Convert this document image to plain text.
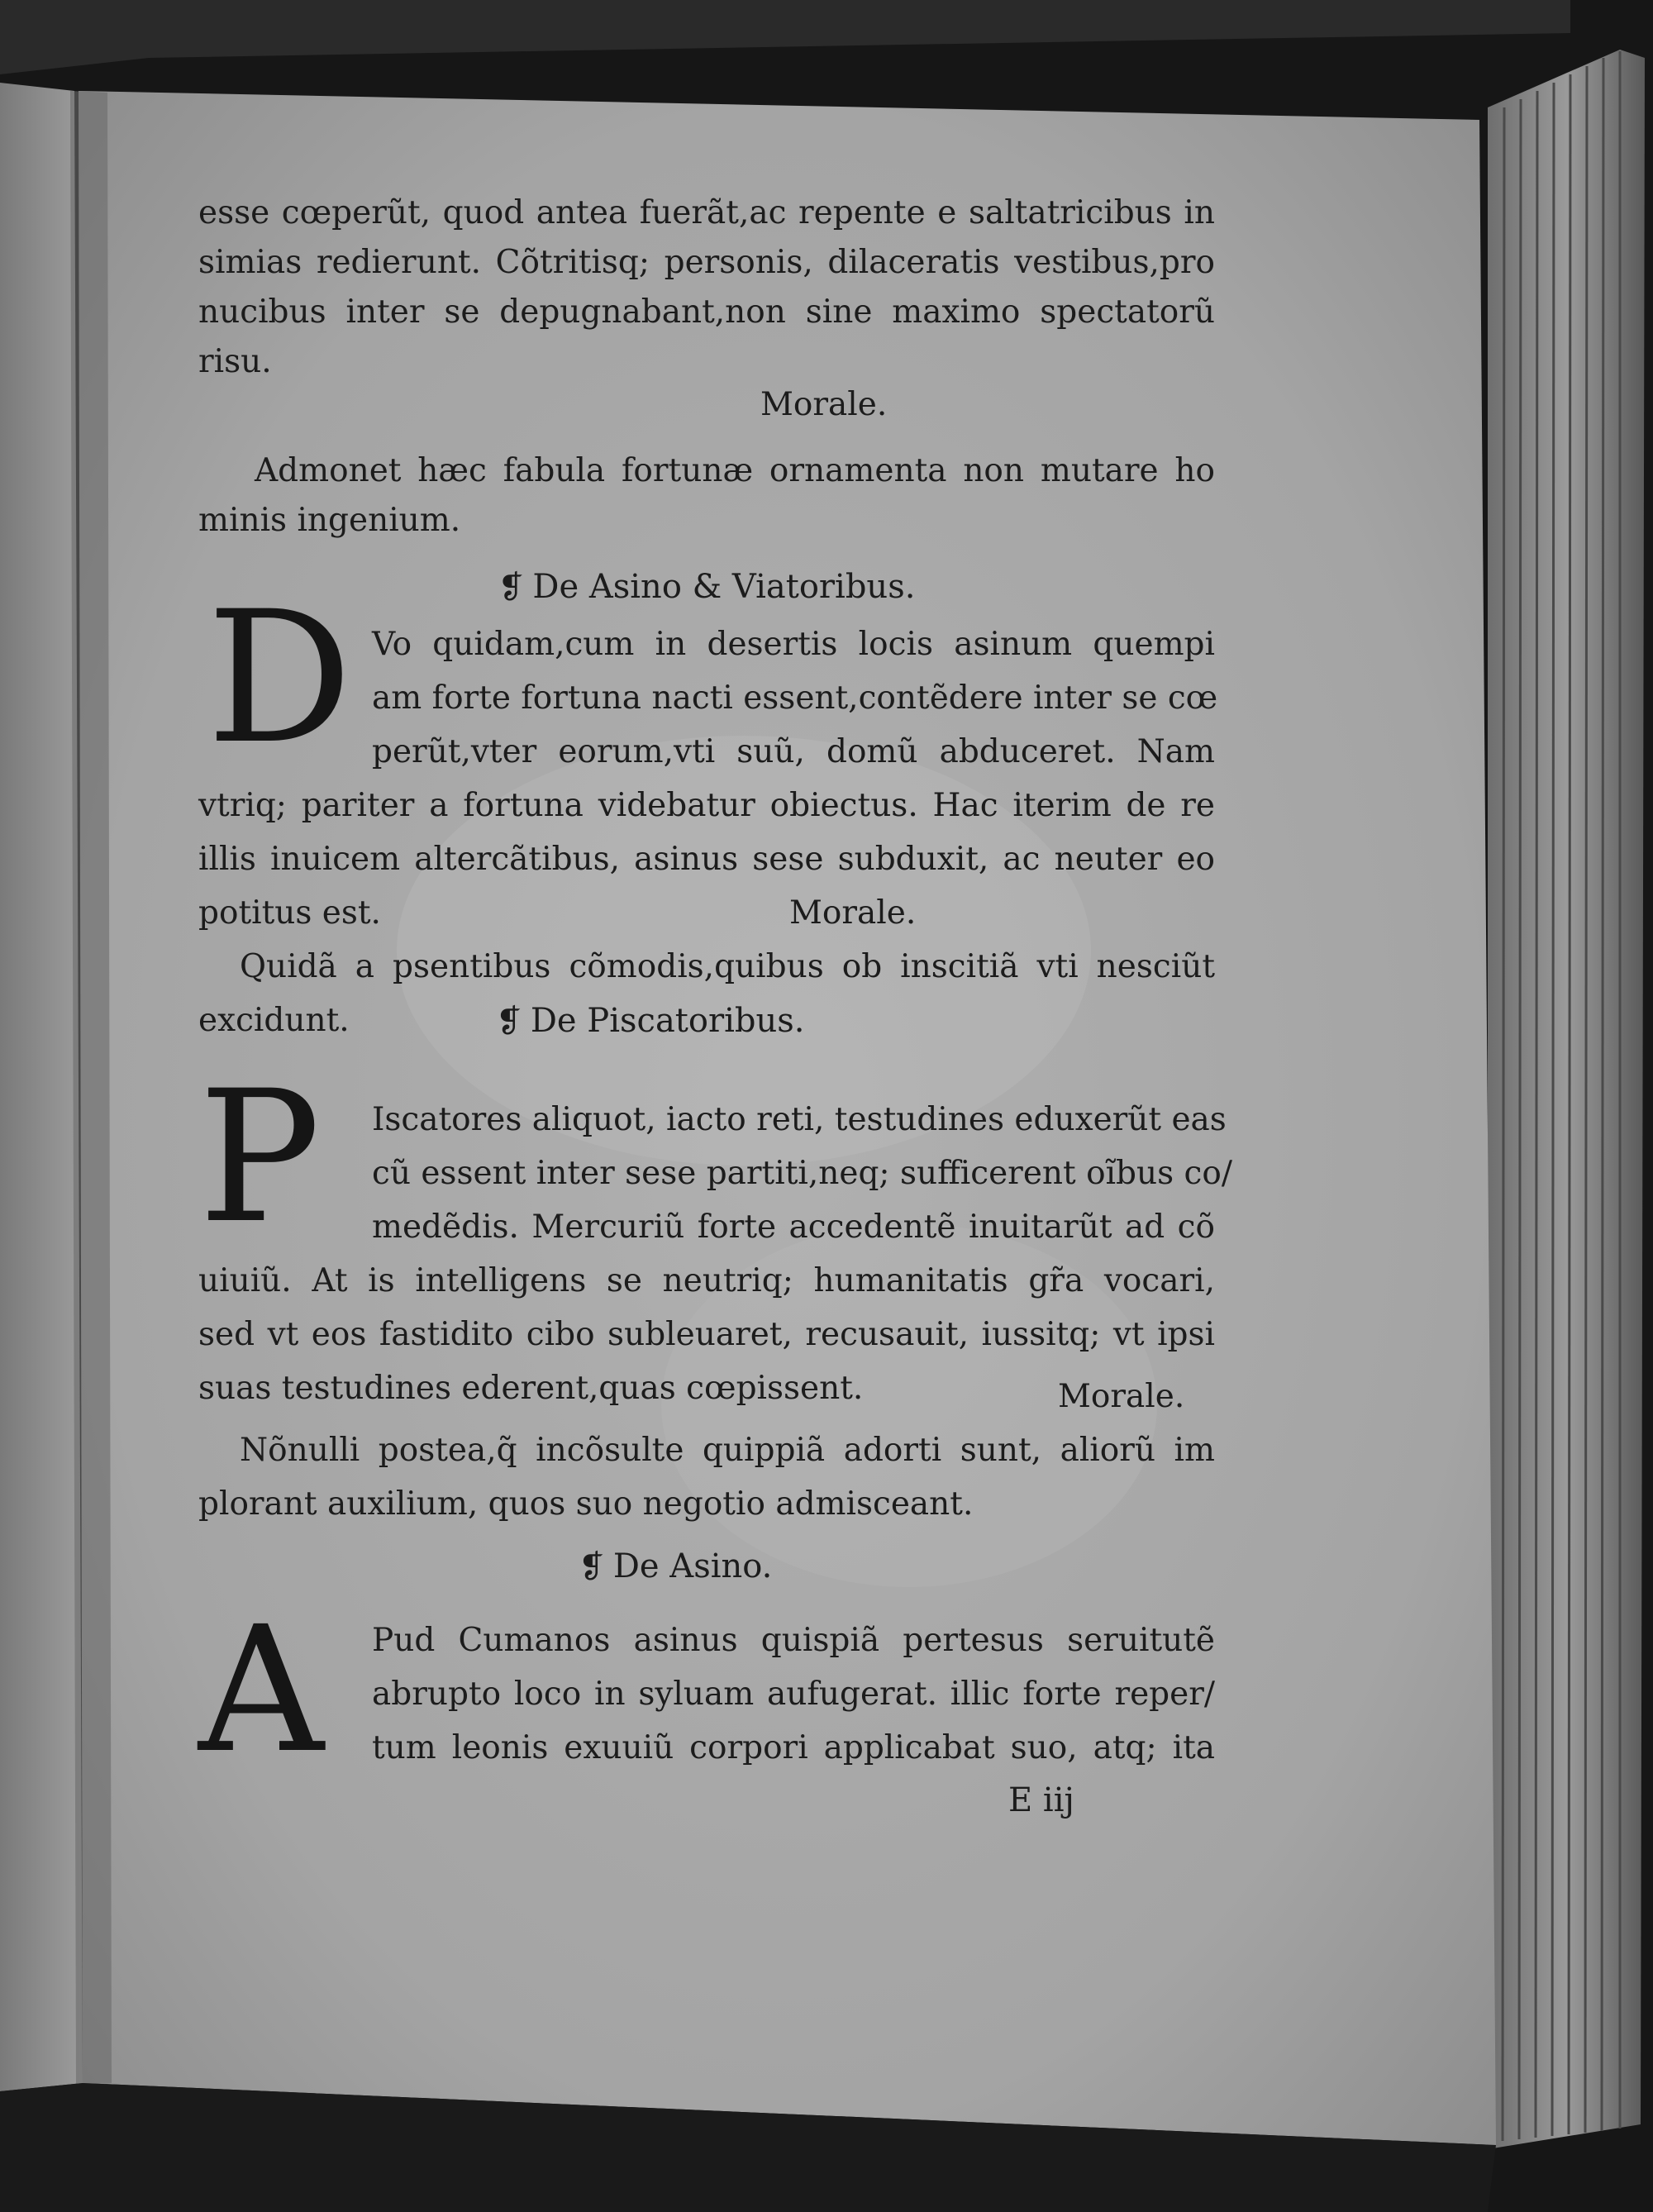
esse cœperũt, quod antea fuerãt,ac repente e saltatricibus in
simias redierunt. Cõtritisq; personis, dilaceratis vestibus,pro
nucibus inter se depugnabant,non sine maximo spectatorũ
risu.
Morale.
Admonet hæc fabula fortunæ ornamenta non mutare ho
minis ingenium.
❡ De Asino & Viatoribus.
D Vo quidam,cum in desertis locis asinum quempi
am forte fortuna nacti essent,contẽdere inter se cœ
perũt,vter eorum,vti suũ, domũ abduceret. Nam
vtriq; pariter a fortuna videbatur obiectus. Hac iterim de re
illis inuicem altercãtibus, asinus sese subduxit, ac neuter eo
potitus est.	Morale.
Quidã a pѕentibus cõmodis,quibus ob inscitiã vti nesciũt
excidunt.	❡ De Piscatoribus.
P Iscatores aliquot, iacto reti, testudines eduxerũt eas
cũ essent inter sese partiti,neq; sufficerent oĩbus co/
medẽdis. Mercuriũ forte accedentẽ inuitarũt ad cõ
uiuiũ. At is intelligens se neutriq; humanitatis gr̃a vocari,
sed vt eos fastidito cibo subleuaret, recusauit, iussitq; vt ipsi
suas testudines ederent,quas cœpissent.	Morale.
Nõnulli postea,q̃ incõsulte quippiã adorti sunt, aliorũ im
plorant auxilium, quos suo negotio admisceant.
❡ De Asino.
A Pud Cumanos asinus quispiã pertesus seruitutẽ
abrupto loco in syluam aufugerat. illic forte reper/
tum leonis exuuiũ corpori applicabat suo, atq; ita
E iij
